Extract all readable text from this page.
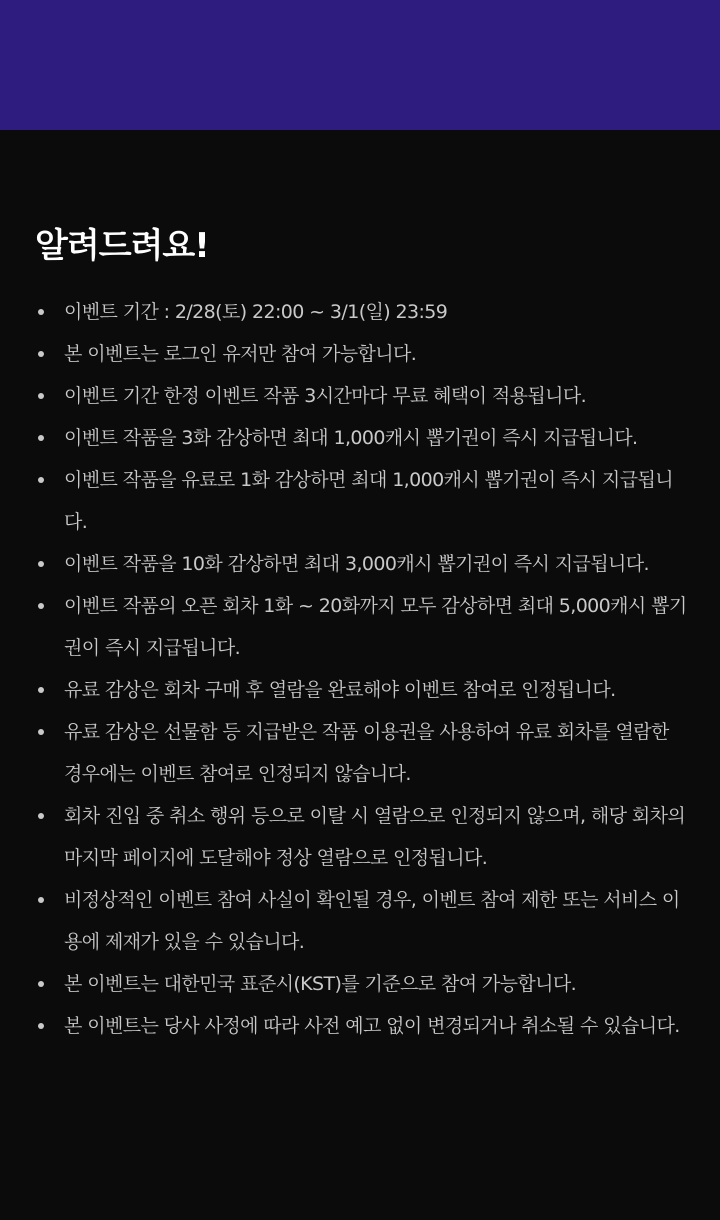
알려드려요!
이벤트 기간 : 2/28(토) 22:00 ~ 3/1(일) 23:59
본 이벤트는 로그인 유저만 참여 가능합니다.
이벤트 기간 한정 이벤트 작품 3시간마다 무료 혜택이 적용됩니다.
이벤트 작품을 3화 감상하면 최대 1,000캐시 뽑기권이 즉시 지급됩니다.
이벤트 작품을 유료로 1화 감상하면 최대 1,000캐시 뽑기권이 즉시 지급됩니다.
이벤트 작품을 10화 감상하면 최대 3,000캐시 뽑기권이 즉시 지급됩니다.
이벤트 작품의 오픈 회차 1화 ~ 20화까지 모두 감상하면 최대 5,000캐시 뽑기권이 즉시 지급됩니다.
유료 감상은 회차 구매 후 열람을 완료해야 이벤트 참여로 인정됩니다.
유료 감상은 선물함 등 지급받은 작품 이용권을 사용하여 유료 회차를 열람한 경우에는 이벤트 참여로 인정되지 않습니다.
회차 진입 중 취소 행위 등으로 이탈 시 열람으로 인정되지 않으며, 해당 회차의 마지막 페이지에 도달해야 정상 열람으로 인정됩니다.
비정상적인 이벤트 참여 사실이 확인될 경우, 이벤트 참여 제한 또는 서비스 이용에 제재가 있을 수 있습니다.
본 이벤트는 대한민국 표준시(KST)를 기준으로 참여 가능합니다.
본 이벤트는 당사 사정에 따라 사전 예고 없이 변경되거나 취소될 수 있습니다.
